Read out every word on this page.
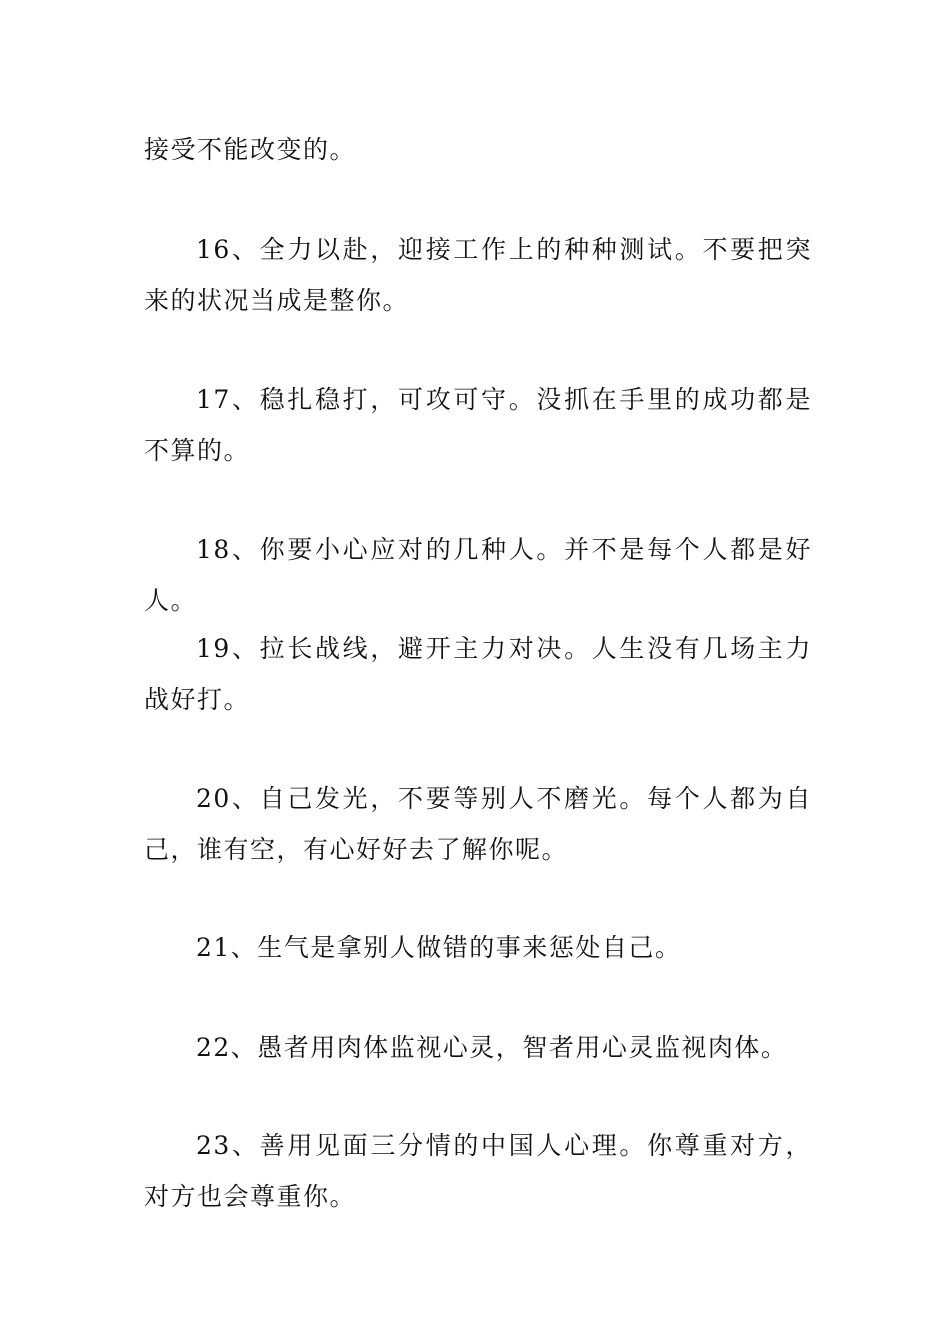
接受不能改变的。

16、全力以赴，迎接工作上的种种测试。不要把突来的状况当成是整你。

17、稳扎稳打，可攻可守。没抓在手里的成功都是不算的。

18、你要小心应对的几种人。并不是每个人都是好人。

19、拉长战线，避开主力对决。人生没有几场主力战好打。

20、自己发光，不要等别人不磨光。每个人都为自己，谁有空，有心好好去了解你呢。

21、生气是拿别人做错的事来惩处自己。

22、愚者用肉体监视心灵，智者用心灵监视肉体。

23、善用见面三分情的中国人心理。你尊重对方，对方也会尊重你。
